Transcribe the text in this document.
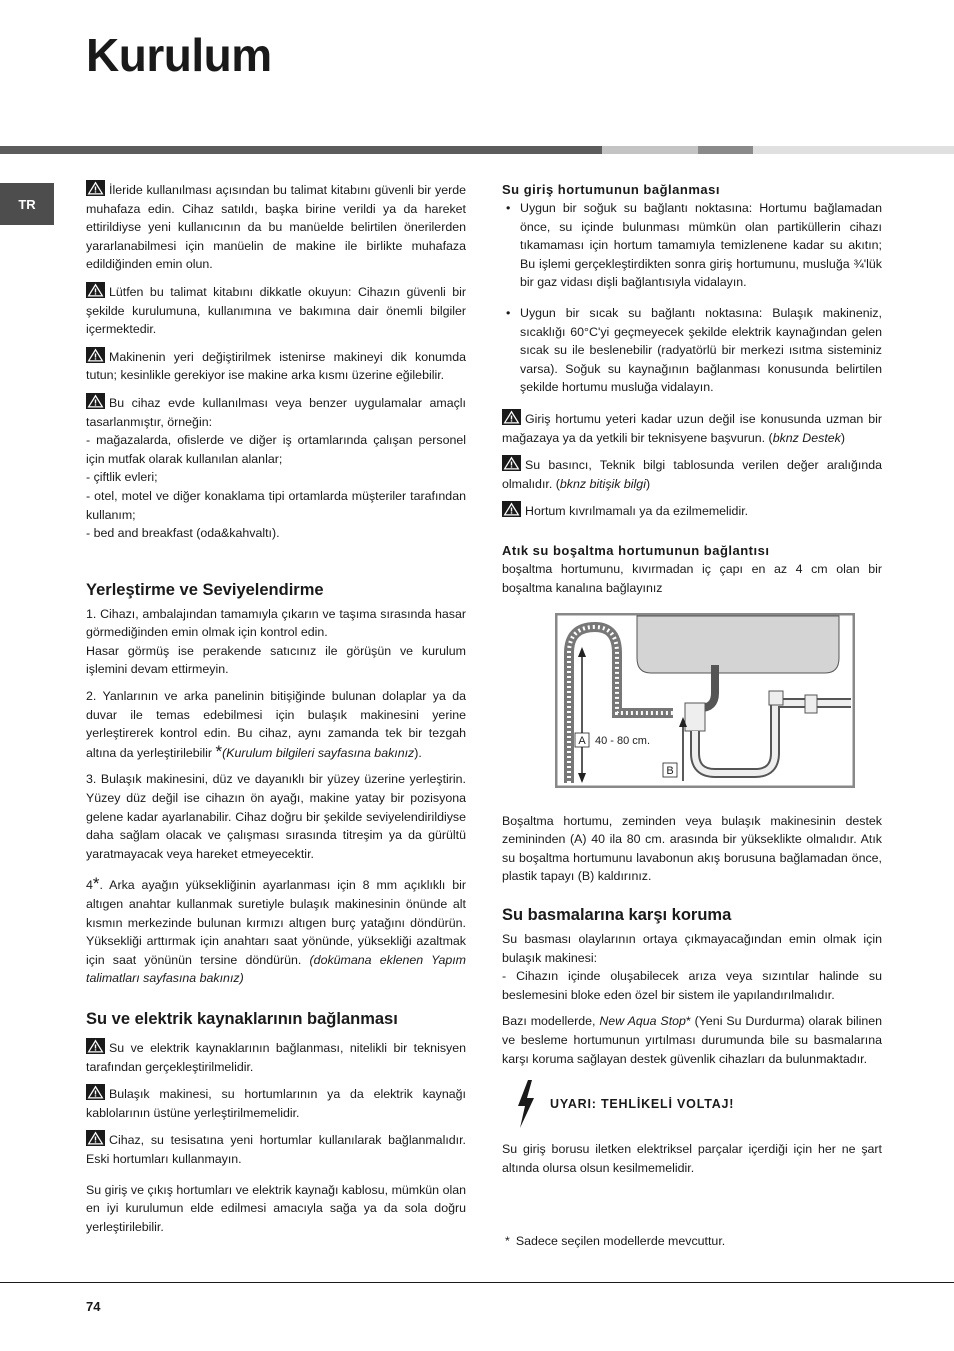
Kurulum
TR

İleride kullanılması açısından bu talimat kitabını güvenli bir yerde muhafaza edin. Cihaz satıldı, başka birine verildi ya da hareket ettirildiyse yeni kullanıcının da bu manüelde belirtilen önerilerden yararlanabilmesi için manüelin de makine ile birlikte muhafaza edildiğinden emin olun.

Lütfen bu talimat kitabını dikkatle okuyun: Cihazın güvenli bir şekilde kurulumuna, kullanımına ve bakımına dair önemli bilgiler içermektedir.

Makinenin yeri değiştirilmek istenirse makineyi dik konumda tutun; kesinlikle gerekiyor ise makine arka kısmı üzerine eğilebilir.

Bu cihaz evde kullanılması veya benzer uygulamalar amaçlı tasarlanmıştır, örneğin:

- mağazalarda, ofislerde ve diğer iş ortamlarında çalışan personel için mutfak olarak kullanılan alanlar;

- çiftlik evleri;

- otel, motel ve diğer konaklama tipi ortamlarda müşteriler tarafından kullanım;

- bed and breakfast (oda&kahvaltı).

Yerleştirme ve Seviyelendirme

1. Cihazı, ambalajından tamamıyla çıkarın ve taşıma sırasında hasar görmediğinden emin olmak için kontrol edin.

Hasar görmüş ise perakende satıcınız ile görüşün ve kurulum işlemini devam ettirmeyin.

2. Yanlarının ve arka panelinin bitişiğinde bulunan dolaplar ya da duvar ile temas edebilmesi için bulaşık makinesini yerine yerleştirerek kontrol edin. Bu cihaz, aynı zamanda tek bir tezgah altına da yerleştirilebilir *(Kurulum bilgileri sayfasına bakınız).

3. Bulaşık makinesini, düz ve dayanıklı bir yüzey üzerine yerleştirin. Yüzey düz değil ise cihazın ön ayağı, makine yatay bir pozisyona gelene kadar ayarlanabilir. Cihaz doğru bir şekilde seviyelendirildiyse daha sağlam olacak ve çalışması sırasında titreşim ya da gürültü yaratmayacak veya hareket etmeyecektir.

4*. Arka ayağın yüksekliğinin ayarlanması için 8 mm açıklıklı bir altıgen anahtar kullanmak suretiyle bulaşık makinesinin önünde alt kısmın merkezinde bulunan kırmızı altıgen burç yatağını döndürün. Yüksekliği arttırmak için anahtarı saat yönünde, yüksekliği azaltmak için saat yönünün tersine döndürün. (dokümana eklenen Yapım talimatları sayfasına bakınız)

Su ve elektrik kaynaklarının bağlanması

Su ve elektrik kaynaklarının bağlanması, nitelikli bir teknisyen tarafından gerçekleştirilmelidir.

Bulaşık makinesi, su hortumlarının ya da elektrik kaynağı kablolarının üstüne yerleştirilmemelidir.

Cihaz, su tesisatına yeni hortumlar kullanılarak bağlanmalıdır. Eski hortumları kullanmayın.

Su giriş ve çıkış hortumları ve elektrik kaynağı kablosu, mümkün olan en iyi kurulumun elde edilmesi amacıyla sağa ya da sola doğru yerleştirilebilir.

Su giriş hortumunun bağlanması

• Uygun bir soğuk su bağlantı noktasına: Hortumu bağlamadan önce, su içinde bulunması mümkün olan partiküllerin cihazı tıkamaması için hortum tamamıyla temizlenene kadar su akıtın; Bu işlemi gerçekleştirdikten sonra giriş hortumunu, musluğa ¾'lük bir gaz vidası dişli bağlantısıyla vidalayın.

• Uygun bir sıcak su bağlantı noktasına: Bulaşık makineniz, sıcaklığı 60°C'yi geçmeyecek şekilde elektrik kaynağından gelen sıcak su ile beslenebilir (radyatörlü bir merkezi ısıtma sisteminiz varsa). Soğuk su kaynağının bağlanması konusunda belirtilen şekilde hortumu musluğa vidalayın.

Giriş hortumu yeteri kadar uzun değil ise konusunda uzman bir mağazaya ya da yetkili bir teknisyene başvurun. (bknz Destek)

Su basıncı, Teknik bilgi tablosunda verilen değer aralığında olmalıdır. (bknz bitişik bilgi)

Hortum kıvrılmamalı ya da ezilmemelidir.

Atık su boşaltma hortumunun bağlantısı

boşaltma hortumunu, kıvırmadan iç çapı en az 4 cm olan bir boşaltma kanalına bağlayınız

A 40 - 80 cm.
B

Boşaltma hortumu, zeminden veya bulaşık makinesinin destek zemininden (A) 40 ila 80 cm. arasında bir yükseklikte olmalıdır. Atık su boşaltma hortumunu lavabonun akış borusuna bağlamadan önce, plastik tapayı (B) kaldırınız.

Su basmalarına karşı koruma

Su basması olaylarının ortaya çıkmayacağından emin olmak için bulaşık makinesi:

- Cihazın içinde oluşabilecek arıza veya sızıntılar halinde su beslemesini bloke eden özel bir sistem ile yapılandırılmalıdır.

Bazı modellerde, New Aqua Stop* (Yeni Su Durdurma) olarak bilinen ve besleme hortumunun yırtılması durumunda bile su basmalarına karşı koruma sağlayan destek güvenlik cihazları da bulunmaktadır.

UYARI: TEHLİKELİ VOLTAJ!

Su giriş borusu iletken elektriksel parçalar içerdiği için her ne şart altında olursa olsun kesilmemelidir.

* Sadece seçilen modellerde mevcuttur.
74
